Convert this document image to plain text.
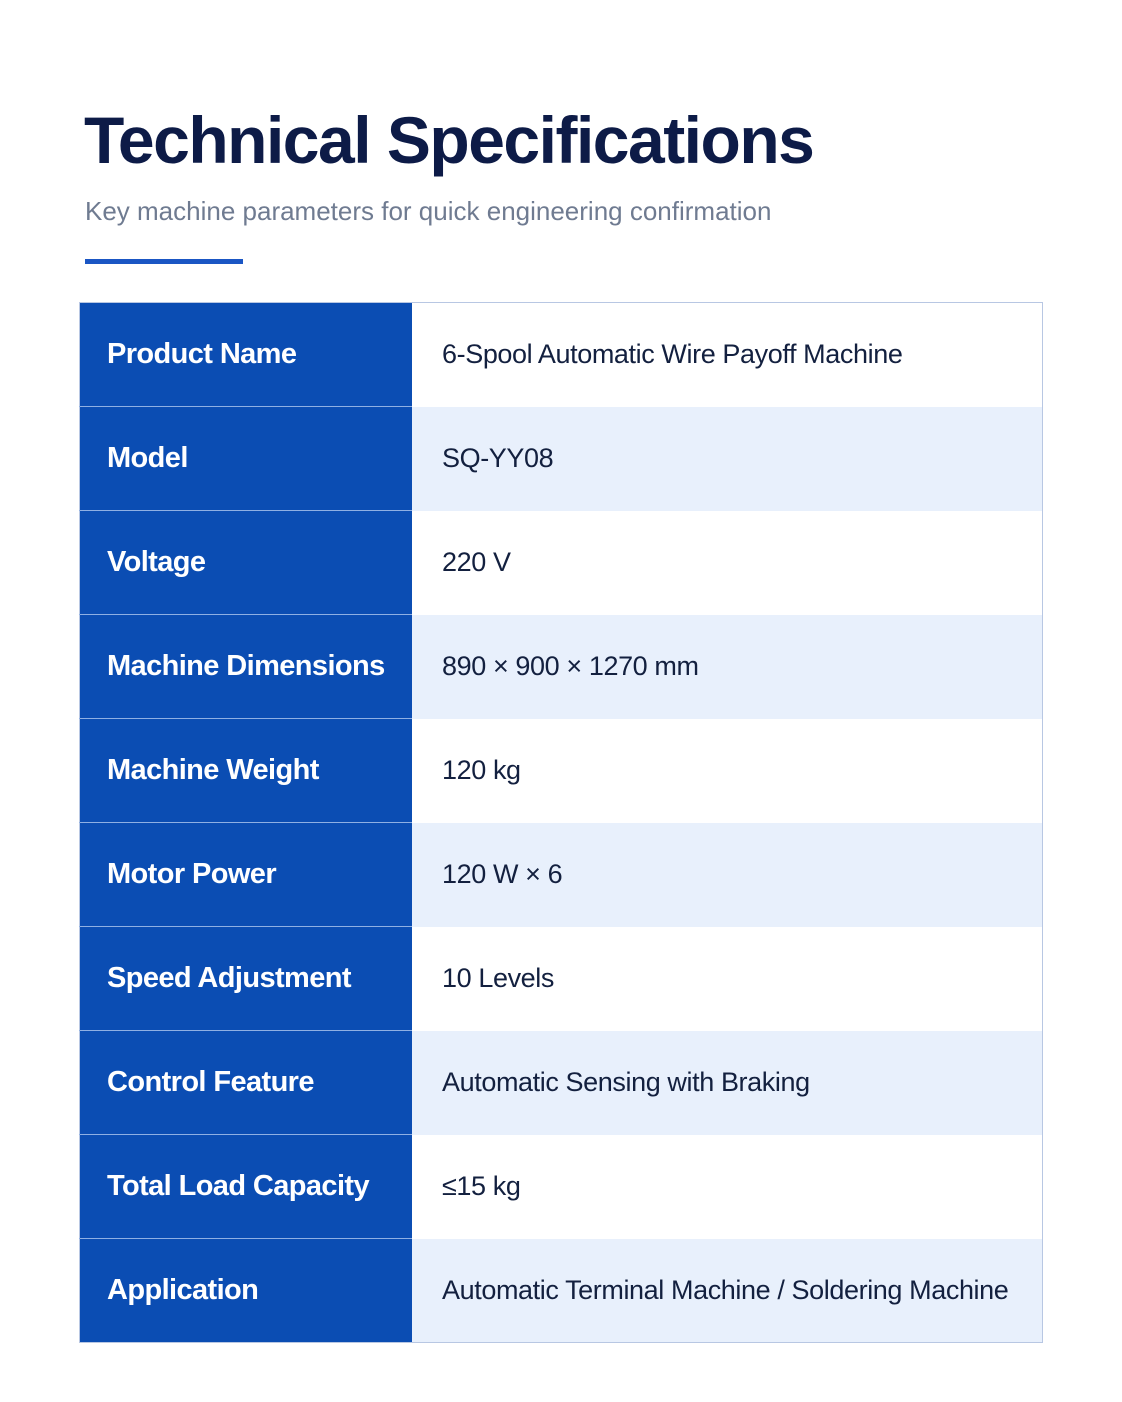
Technical Specifications

Key machine parameters for quick engineering confirmation

Product Name	6-Spool Automatic Wire Payoff Machine
Model	SQ-YY08
Voltage	220 V
Machine Dimensions	890 × 900 × 1270 mm
Machine Weight	120 kg
Motor Power	120 W × 6
Speed Adjustment	10 Levels
Control Feature	Automatic Sensing with Braking
Total Load Capacity	≤15 kg
Application	Automatic Terminal Machine / Soldering Machine
